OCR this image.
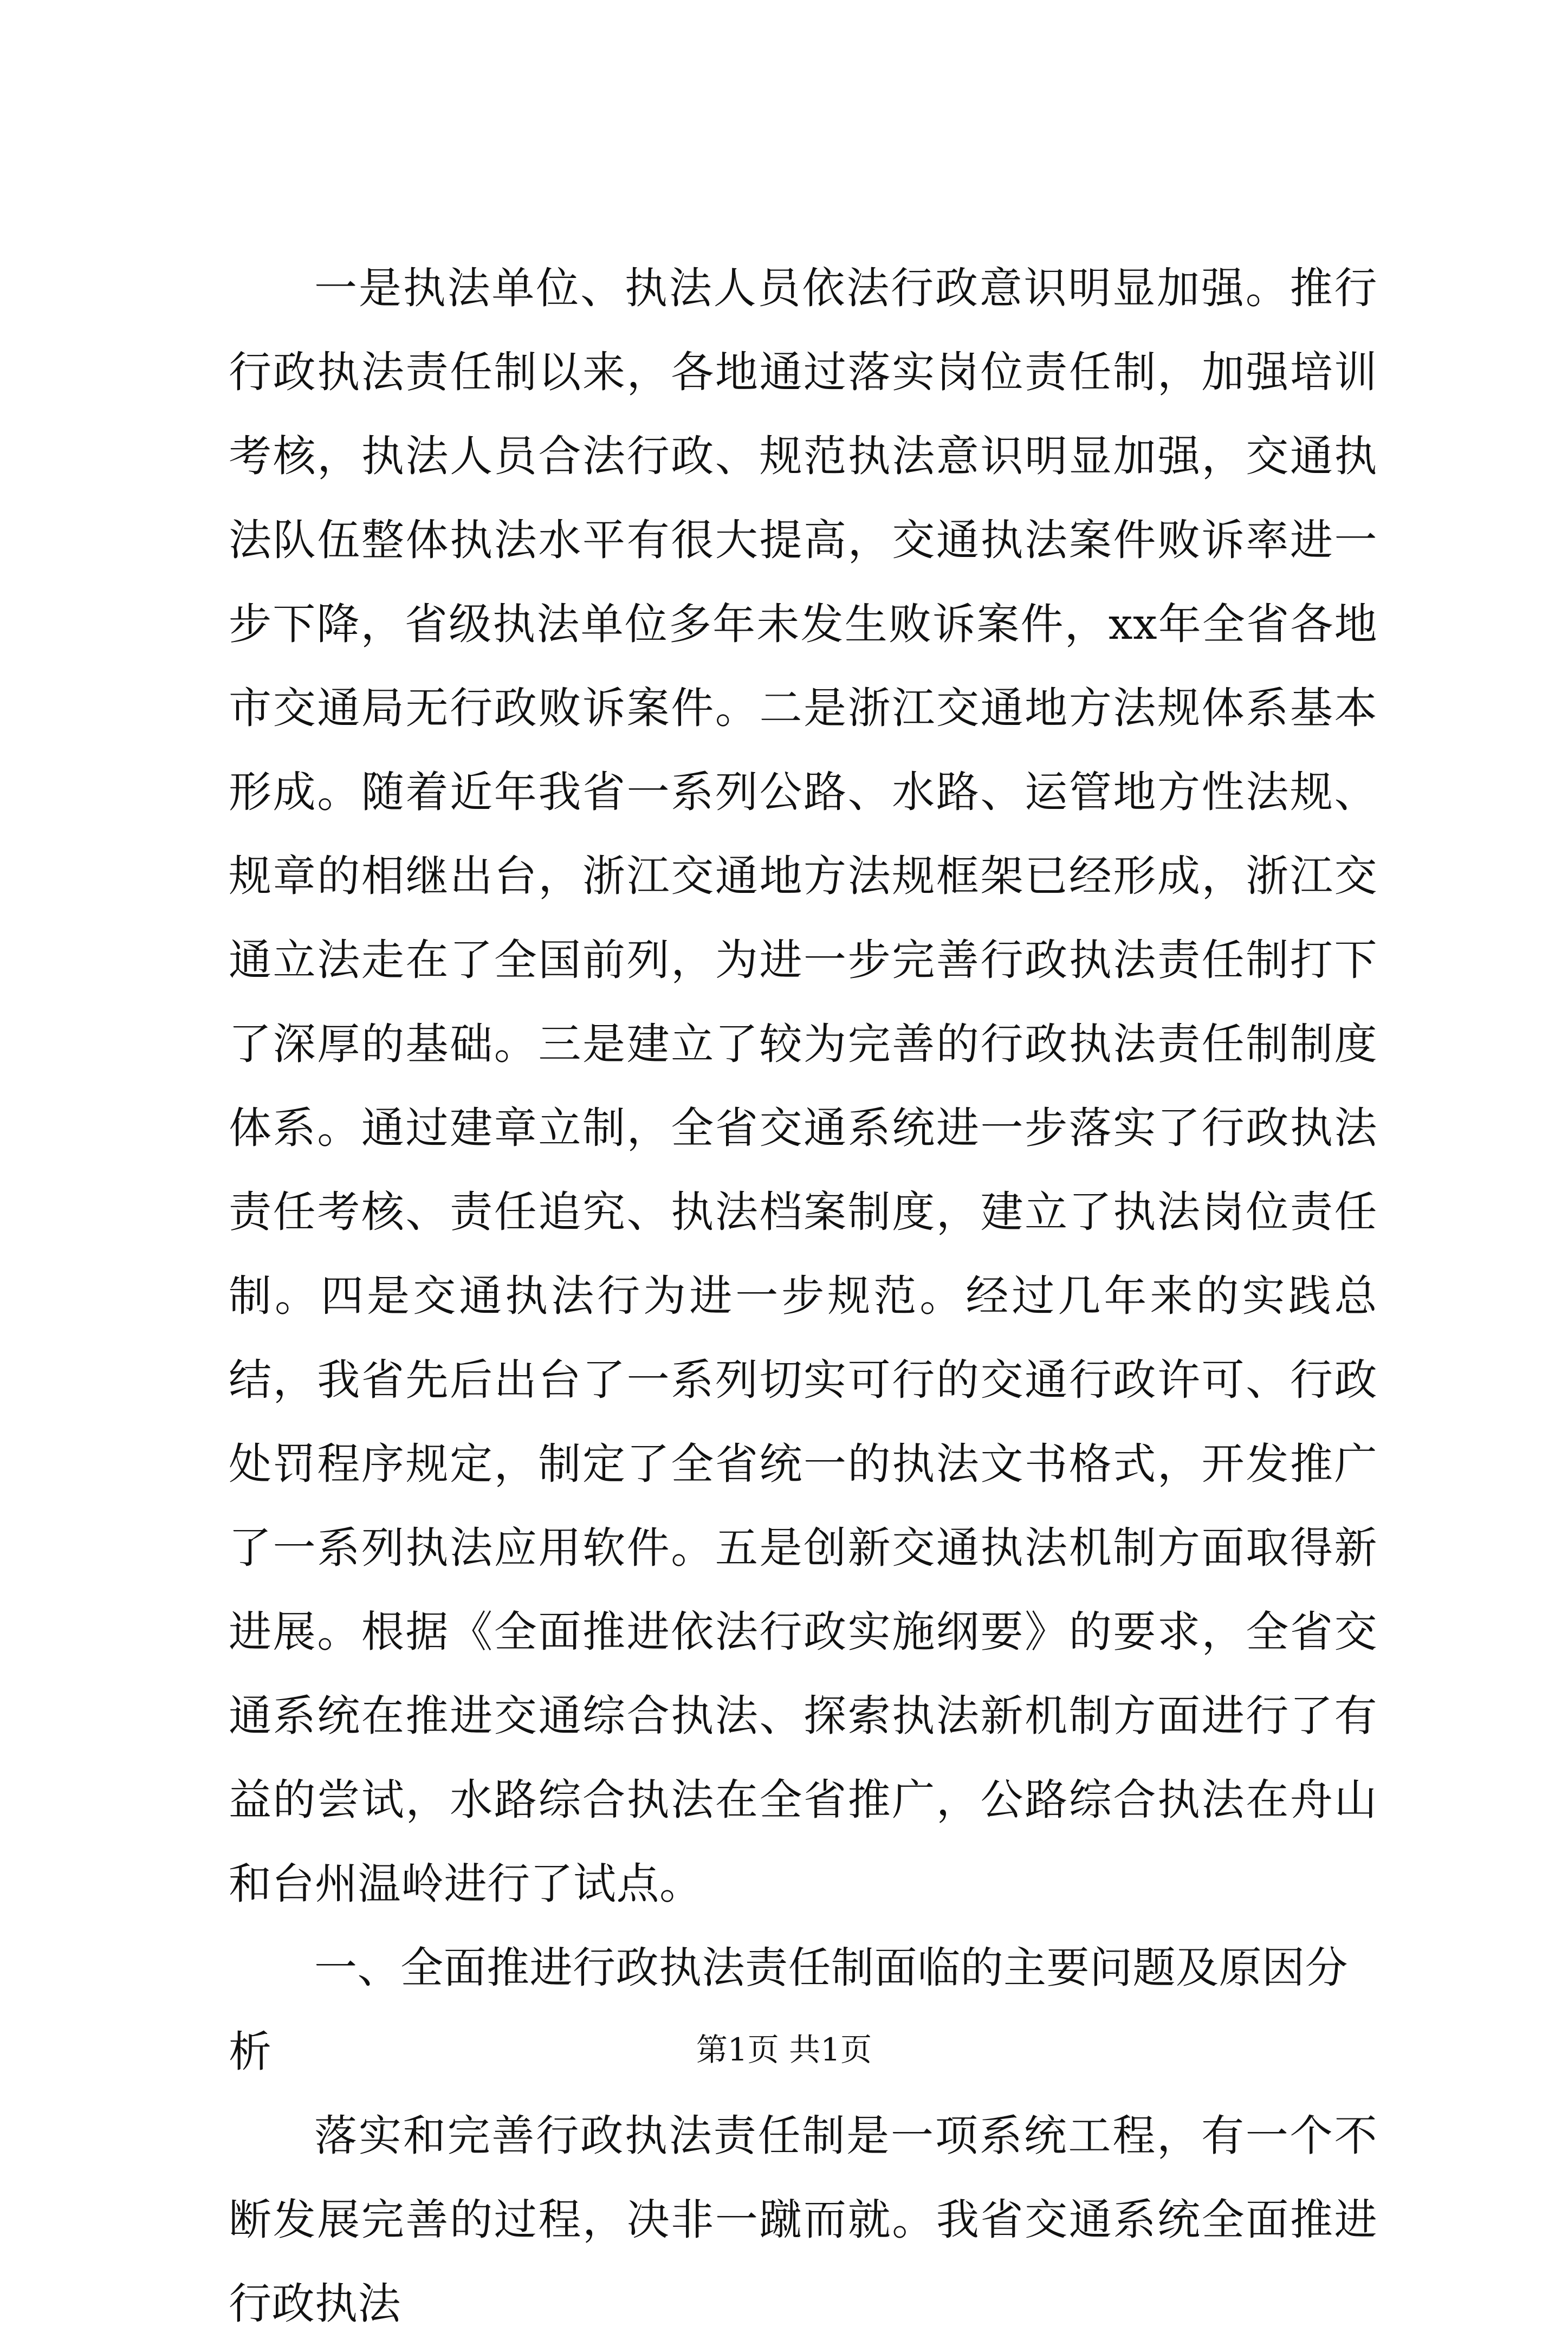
一是执法单位、执法人员依法行政意识明显加强。推行行政执法责任制以来，各地通过落实岗位责任制，加强培训考核，执法人员合法行政、规范执法意识明显加强，交通执法队伍整体执法水平有很大提高，交通执法案件败诉率进一步下降，省级执法单位多年未发生败诉案件，xx年全省各地市交通局无行政败诉案件。二是浙江交通地方法规体系基本形成。随着近年我省一系列公路、水路、运管地方性法规、规章的相继出台，浙江交通地方法规框架已经形成，浙江交通立法走在了全国前列，为进一步完善行政执法责任制打下了深厚的基础。三是建立了较为完善的行政执法责任制制度体系。通过建章立制，全省交通系统进一步落实了行政执法责任考核、责任追究、执法档案制度，建立了执法岗位责任制。四是交通执法行为进一步规范。经过几年来的实践总结，我省先后出台了一系列切实可行的交通行政许可、行政处罚程序规定，制定了全省统一的执法文书格式，开发推广了一系列执法应用软件。五是创新交通执法机制方面取得新进展。根据《全面推进依法行政实施纲要》的要求，全省交通系统在推进交通综合执法、探索执法新机制方面进行了有益的尝试，水路综合执法在全省推广，公路综合执法在舟山和台州温岭进行了试点。

一、全面推进行政执法责任制面临的主要问题及原因分析

落实和完善行政执法责任制是一项系统工程，有一个不断发展完善的过程，决非一蹴而就。我省交通系统全面推进行政执法

第1页 共1页
